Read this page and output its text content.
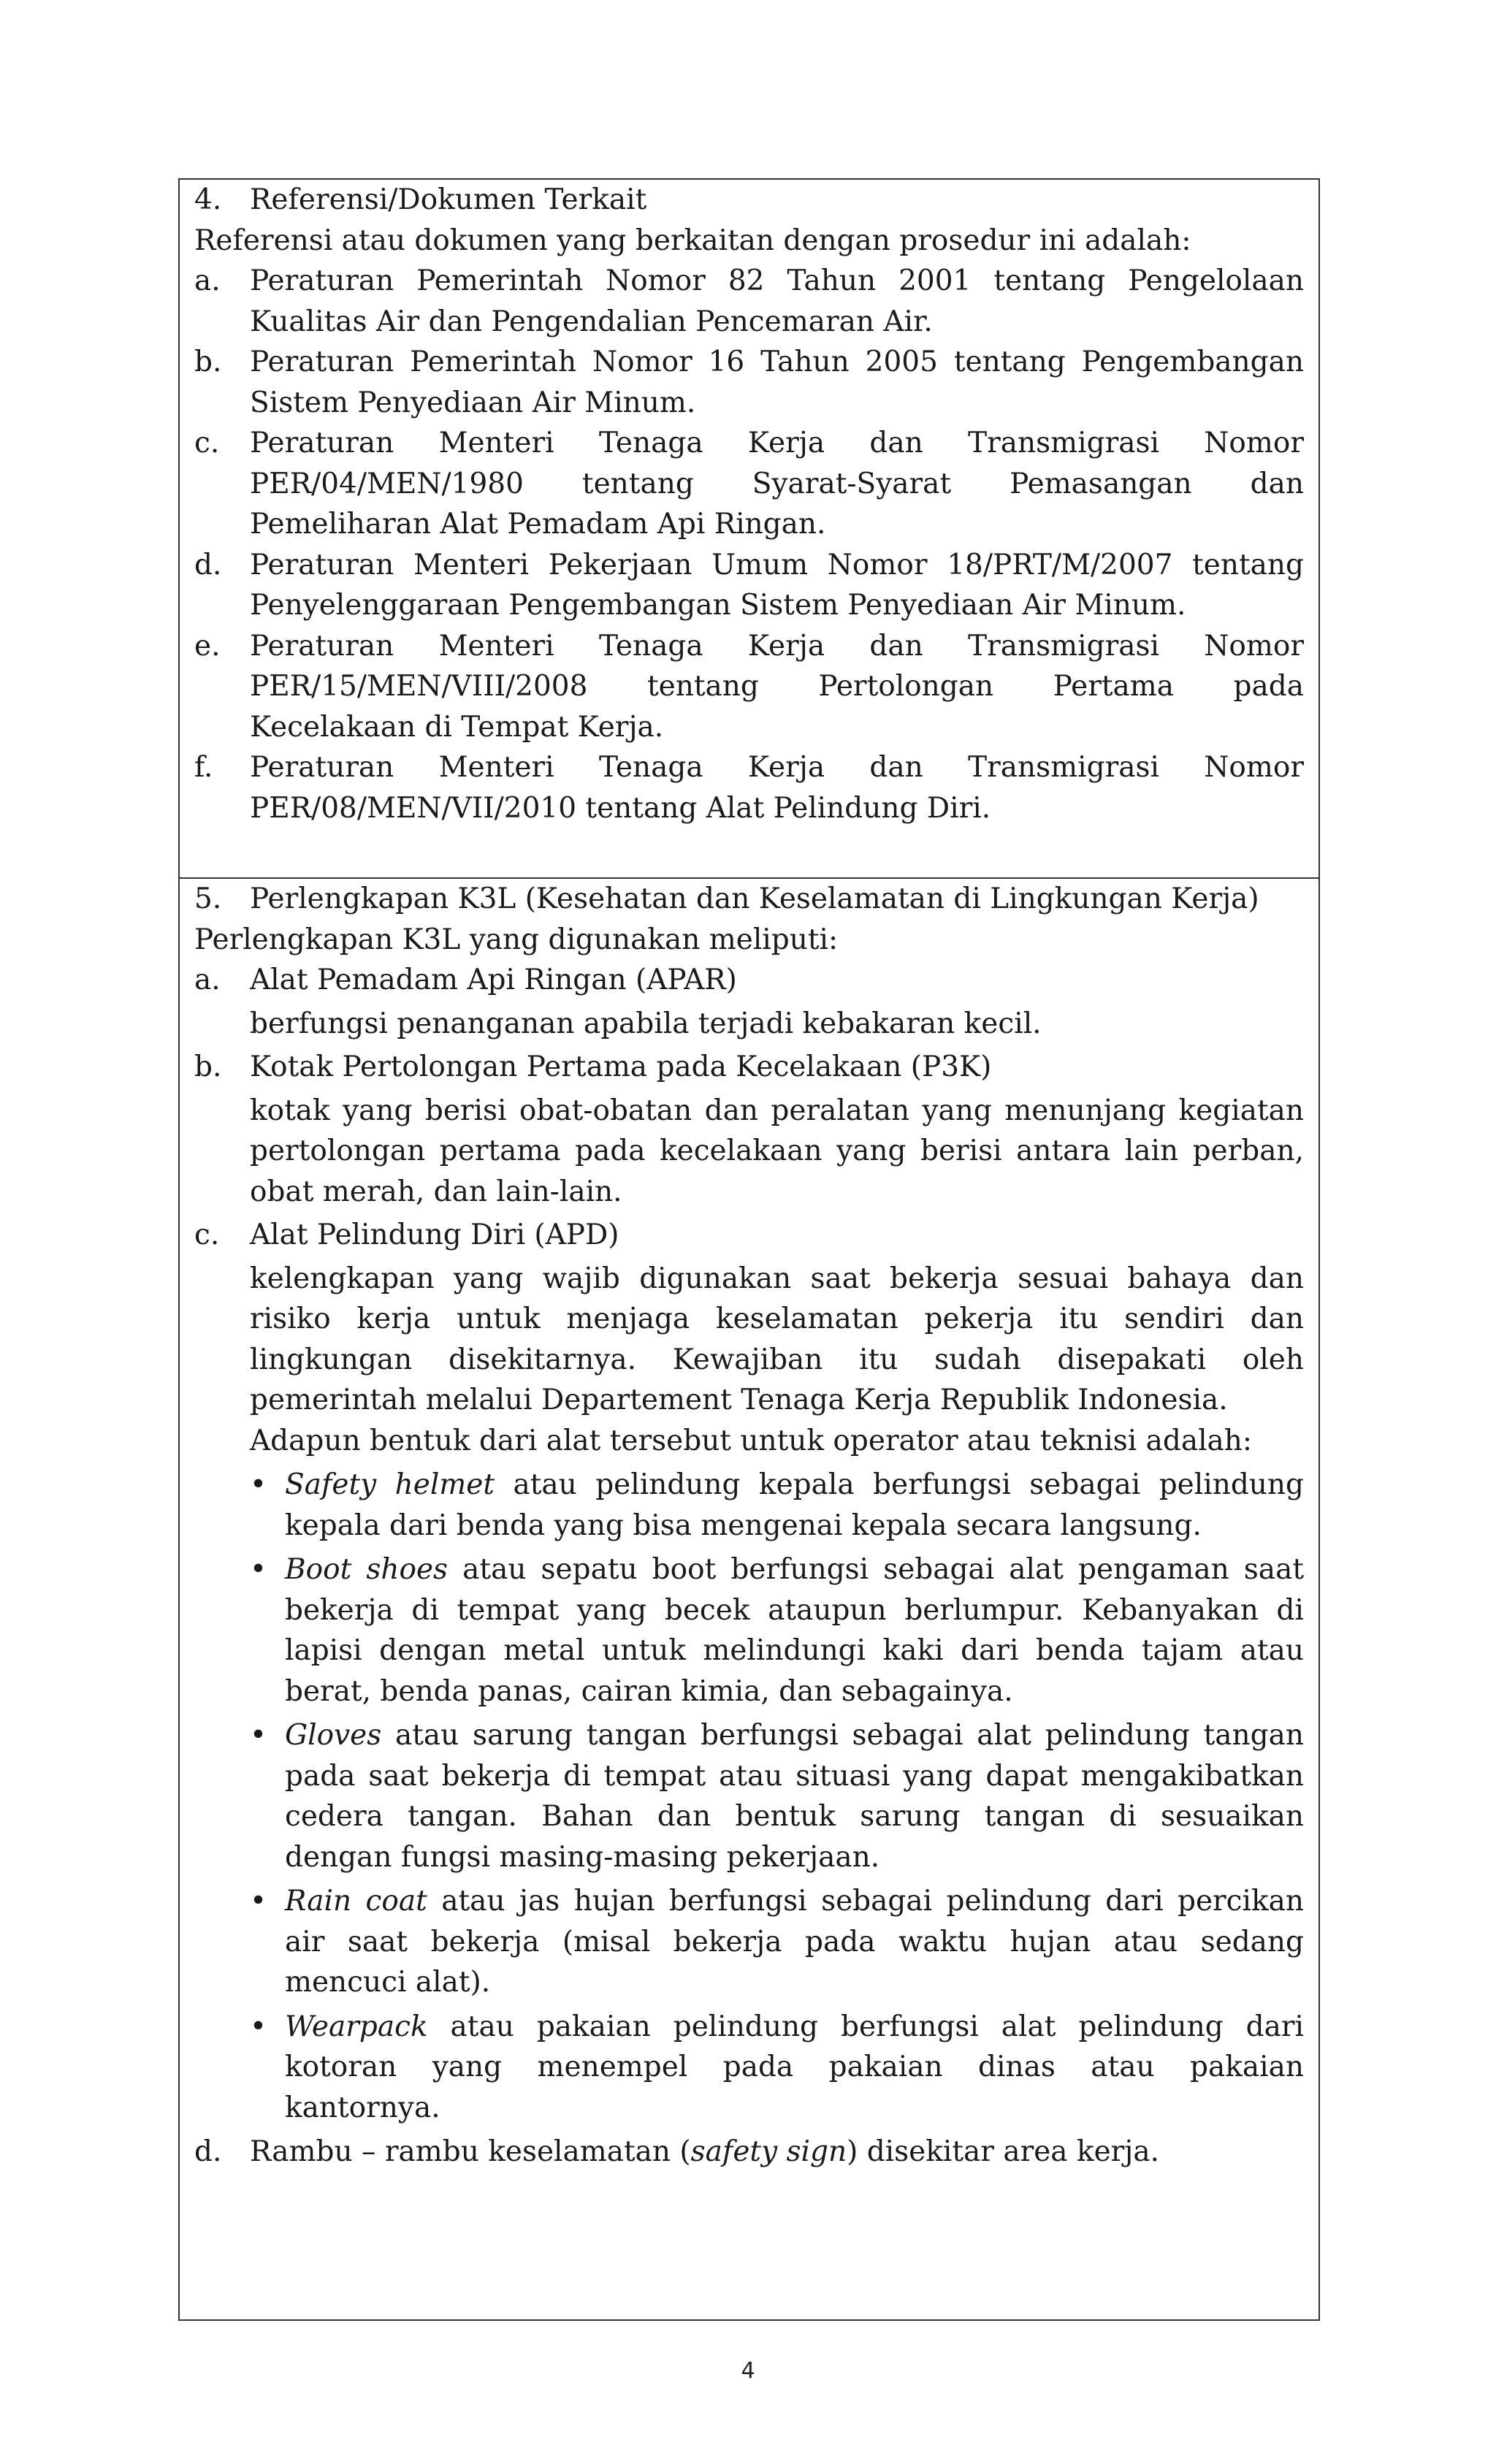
4. Referensi/Dokumen Terkait
Referensi atau dokumen yang berkaitan dengan prosedur ini adalah:
a.	Peraturan Pemerintah Nomor 82 Tahun 2001 tentang Pengelolaan
Kualitas Air dan Pengendalian Pencemaran Air.
b. Peraturan Pemerintah Nomor 16 Tahun 2005 tentang Pengembangan
Sistem Penyediaan Air Minum.
c.	Peraturan Menteri Tenaga Kerja dan Transmigrasi Nomor
PER/04/MEN/1980 tentang Syarat-Syarat Pemasangan dan
Pemeliharan Alat Pemadam Api Ringan.
d. Peraturan Menteri Pekerjaan Umum Nomor 18/PRT/M/2007 tentang
Penyelenggaraan Pengembangan Sistem Penyediaan Air Minum.
e.	Peraturan Menteri Tenaga Kerja dan Transmigrasi Nomor
PER/15/MEN/VIII/2008 tentang Pertolongan Pertama pada
Kecelakaan di Tempat Kerja.
f.	Peraturan Menteri Tenaga Kerja dan Transmigrasi Nomor
PER/08/MEN/VII/2010 tentang Alat Pelindung Diri.
5. Perlengkapan K3L (Kesehatan dan Keselamatan di Lingkungan Kerja)
Perlengkapan K3L yang digunakan meliputi:
a.	Alat Pemadam Api Ringan (APAR)
berfungsi penanganan apabila terjadi kebakaran kecil.
b. Kotak Pertolongan Pertama pada Kecelakaan (P3K)
kotak yang berisi obat-obatan dan peralatan yang menunjang kegiatan
pertolongan pertama pada kecelakaan yang berisi antara lain perban,
obat merah, dan lain-lain.
c.	Alat Pelindung Diri (APD)
kelengkapan yang wajib digunakan saat bekerja sesuai bahaya dan
risiko kerja untuk menjaga keselamatan pekerja itu sendiri dan
lingkungan disekitarnya. Kewajiban itu sudah disepakati oleh
pemerintah melalui Departement Tenaga Kerja Republik Indonesia.
Adapun bentuk dari alat tersebut untuk operator atau teknisi adalah:
• Safety helmet atau pelindung kepala berfungsi sebagai pelindung
kepala dari benda yang bisa mengenai kepala secara langsung.
• Boot shoes atau sepatu boot berfungsi sebagai alat pengaman saat
bekerja di tempat yang becek ataupun berlumpur. Kebanyakan di
lapisi dengan metal untuk melindungi kaki dari benda tajam atau
berat, benda panas, cairan kimia, dan sebagainya.
• Gloves atau sarung tangan berfungsi sebagai alat pelindung tangan
pada saat bekerja di tempat atau situasi yang dapat mengakibatkan
cedera tangan. Bahan dan bentuk sarung tangan di sesuaikan
dengan fungsi masing-masing pekerjaan.
• Rain coat atau jas hujan berfungsi sebagai pelindung dari percikan
air saat bekerja (misal bekerja pada waktu hujan atau sedang
mencuci alat).
• Wearpack atau pakaian pelindung berfungsi alat pelindung dari
kotoran yang menempel pada pakaian dinas atau pakaian
kantornya.
d. Rambu – rambu keselamatan (safety sign) disekitar area kerja.
4
